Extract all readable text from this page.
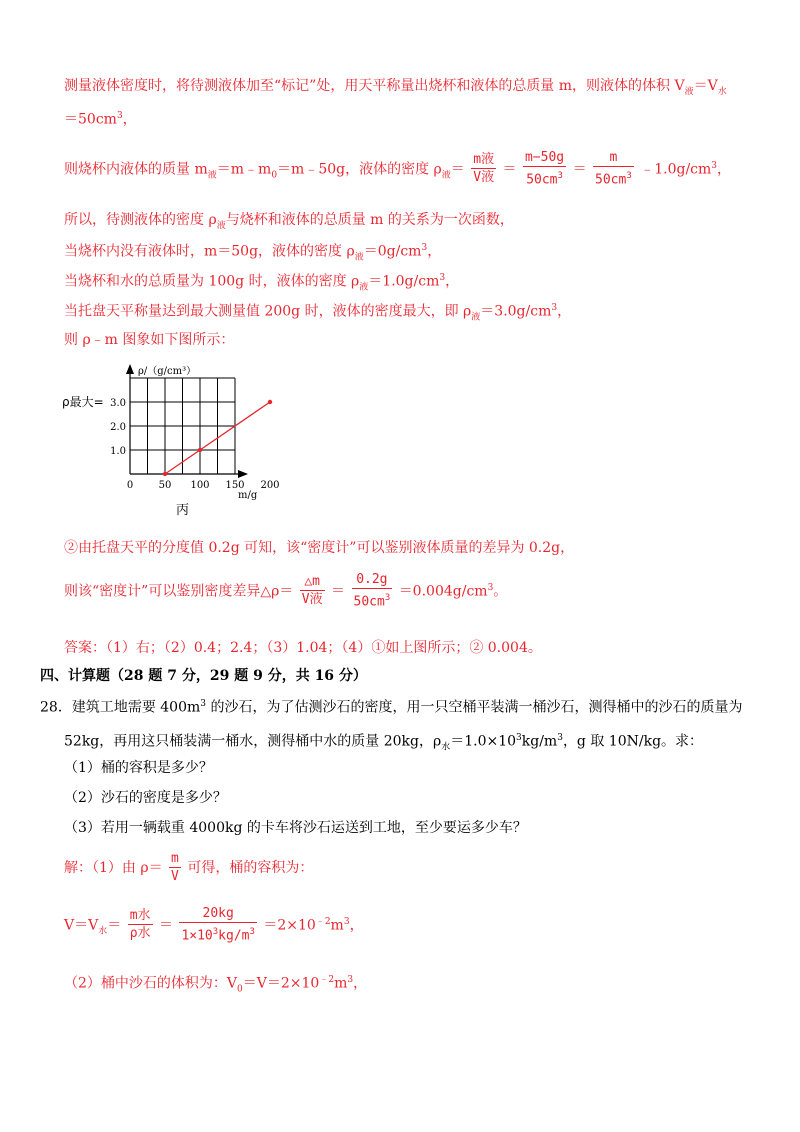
测量液体密度时，将待测液体加至“标记”处，用天平称量出烧杯和液体的总质量 m，则液体的体积 $V_液=V_水$
$=50cm^3$，
则烧杯内液体的质量 $m_液=m﹣m_0=m﹣50g$，液体的密度 $\rho_液= \frac{\text{m液}}{\text{V液}} = \frac{m-50g}{50cm^3} = \frac{m}{50cm^3}$ $﹣1.0g/cm^3$，
所以，待测液体的密度 $\rho_液$与烧杯和液体的总质量 m 的关系为一次函数，
当烧杯内没有液体时，m＝50g，液体的密度 $\rho_液=0g/cm^3$，
当烧杯和水的总质量为 100g 时，液体的密度 $\rho_液=1.0g/cm^3$，
当托盘天平称量达到最大测量值 200g 时，液体的密度最大，即 $\rho_液=3.0g/cm^3$，
则 ρ﹣m 图象如下图所示：
ρ/（g/cm³）
m/g
1.0
2.0
3.0
ρ最大=
0	50 100 150 200
丙
②由托盘天平的分度值 0.2g 可知，该“密度计”可以鉴别液体质量的差异为 0.2g，
则该“密度计”可以鉴别密度差异△ρ＝ $\frac{\triangle m}{\text{V液}} = \frac{0.2g}{50cm^3} =0.004g/cm^3$。
答案：（1）右；（2）0.4；2.4；（3）1.04；（4）①如上图所示；② 0.004。
四、计算题（28 题 7 分，29 题 9 分，共 16 分）
28．建筑工地需要 $400m^3$ 的沙石，为了估测沙石的密度，用一只空桶平装满一桶沙石，测得桶中的沙石的质量为
52kg，再用这只桶装满一桶水，测得桶中水的质量 20kg，$\rho_水=1.0\times 10^3kg/m^3$，g 取 10N/kg。求：
（1）桶的容积是多少？
（2）沙石的密度是多少？
（3）若用一辆载重 4000kg 的卡车将沙石运送到工地，至少要运多少车？
解：（1）由 $\rho= \frac{m}{V}$ 可得，桶的容积为：
$V=V_水= \frac{\text{m水}}{\text{ρ水}} = \frac{20kg}{1\times 10^3kg/m^3} =2\times 10^{﹣2}m^3$，
（2）桶中沙石的体积为：$V_0=V=2\times 10^{﹣2}m^3$，
